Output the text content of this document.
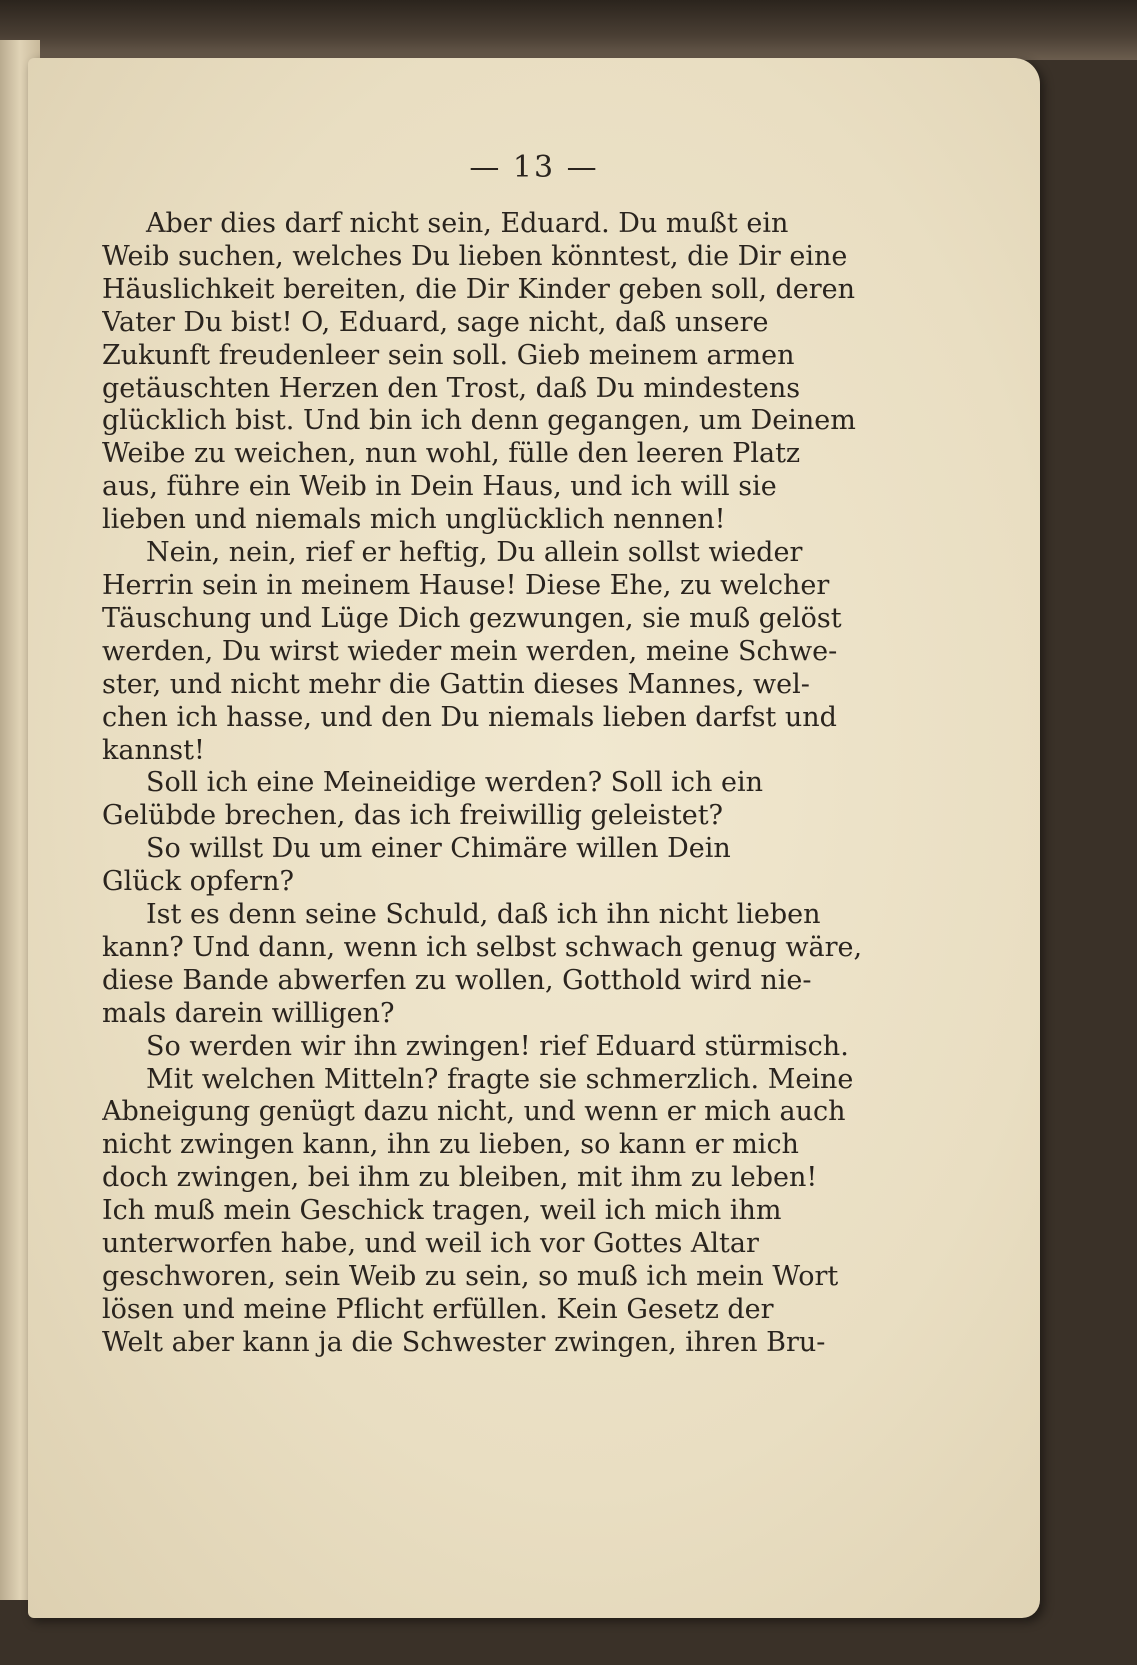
— 13 —
Aber dies darf nicht sein, Eduard. Du mußt ein
Weib suchen, welches Du lieben könntest, die Dir eine
Häuslichkeit bereiten, die Dir Kinder geben soll, deren
Vater Du bist! O, Eduard, sage nicht, daß unsere
Zukunft freudenleer sein soll. Gieb meinem armen
getäuschten Herzen den Trost, daß Du mindestens
glücklich bist. Und bin ich denn gegangen, um Deinem
Weibe zu weichen, nun wohl, fülle den leeren Platz
aus, führe ein Weib in Dein Haus, und ich will sie
lieben und niemals mich unglücklich nennen!
Nein, nein, rief er heftig, Du allein sollst wieder
Herrin sein in meinem Hause! Diese Ehe, zu welcher
Täuschung und Lüge Dich gezwungen, sie muß gelöst
werden, Du wirst wieder mein werden, meine Schwe-
ster, und nicht mehr die Gattin dieses Mannes, wel-
chen ich hasse, und den Du niemals lieben darfst und
kannst!
Soll ich eine Meineidige werden? Soll ich ein
Gelübde brechen, das ich freiwillig geleistet?
So willst Du um einer Chimäre willen Dein
Glück opfern?
Ist es denn seine Schuld, daß ich ihn nicht lieben
kann? Und dann, wenn ich selbst schwach genug wäre,
diese Bande abwerfen zu wollen, Gotthold wird nie-
mals darein willigen?
So werden wir ihn zwingen! rief Eduard stürmisch.
Mit welchen Mitteln? fragte sie schmerzlich. Meine
Abneigung genügt dazu nicht, und wenn er mich auch
nicht zwingen kann, ihn zu lieben, so kann er mich
doch zwingen, bei ihm zu bleiben, mit ihm zu leben!
Ich muß mein Geschick tragen, weil ich mich ihm
unterworfen habe, und weil ich vor Gottes Altar
geschworen, sein Weib zu sein, so muß ich mein Wort
lösen und meine Pflicht erfüllen. Kein Gesetz der
Welt aber kann ja die Schwester zwingen, ihren Bru-
